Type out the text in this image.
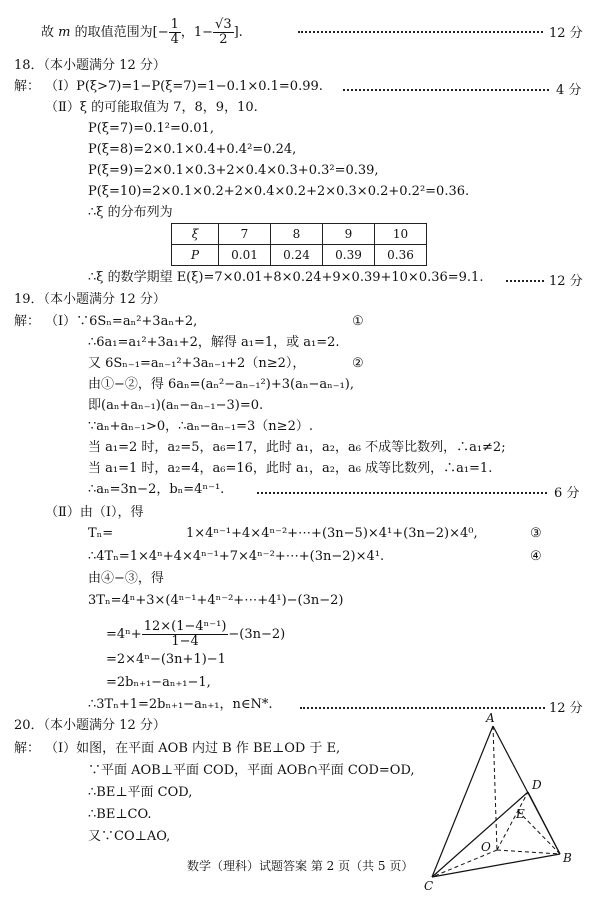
故 m 的取值范围为[− $\frac{1}{4}$ ，$1- \frac{√3}{2}$ ].	12 分
18．（本小题满分 12 分）
解： （Ⅰ）P(ξ>7)=1−P(ξ=7)=1−0.1×0.1=0.99.	4 分
（Ⅱ）ξ 的可能取值为 7，8，9，10.
P(ξ=7)=0.1²=0.01,
P(ξ=8)=2×0.1×0.4+0.4²=0.24,
P(ξ=9)=2×0.1×0.3+2×0.4×0.3+0.3²=0.39,
P(ξ=10)=2×0.1×0.2+2×0.4×0.2+2×0.3×0.2+0.2²=0.36.
∴ξ 的分布列为
ξ	7	8	9	10
P	0.01	0.24	0.39	0.36
∴ξ 的数学期望 E(ξ)=7×0.01+8×0.24+9×0.39+10×0.36=9.1.	12 分
19．（本小题满分 12 分）
解： （Ⅰ）∵6Sₙ=aₙ²+3aₙ+2,	①
∴6a₁=a₁²+3a₁+2，解得 a₁=1，或 a₁=2.
又 6Sₙ₋₁=aₙ₋₁²+3aₙ₋₁+2（n≥2），	②
由①−②，得 6aₙ=(aₙ²−aₙ₋₁²)+3(aₙ−aₙ₋₁),
即(aₙ+aₙ₋₁)(aₙ−aₙ₋₁−3)=0.
∵aₙ+aₙ₋₁>0，∴aₙ−aₙ₋₁=3（n≥2）.
当 a₁=2 时，a₂=5，a₆=17，此时 a₁，a₂，a₆ 不成等比数列，∴a₁≠2;
当 a₁=1 时，a₂=4，a₆=16，此时 a₁，a₂，a₆ 成等比数列，∴a₁=1.
∴aₙ=3n−2，bₙ=4ⁿ⁻¹.	6 分
（Ⅱ）由（Ⅰ），得
Tₙ=	1×4ⁿ⁻¹+4×4ⁿ⁻²+⋯+(3n−5)×4¹+(3n−2)×4⁰,	③
∴4Tₙ=1×4ⁿ+4×4ⁿ⁻¹+7×4ⁿ⁻²+⋯+(3n−2)×4¹.	④
由④−③，得
3Tₙ=4ⁿ+3×(4ⁿ⁻¹+4ⁿ⁻²+⋯+4¹)−(3n−2)
$=4^n+ \frac{\text{12×(1−4ⁿ⁻¹)}}{1-4} -(3n-2)$
=2×4ⁿ−(3n+1)−1
=2bₙ₊₁−aₙ₊₁−1,
∴3Tₙ+1=2bₙ₊₁−aₙ₊₁，n∈N*.	12 分
20．（本小题满分 12 分）
解： （Ⅰ）如图，在平面 AOB 内过 B 作 BE⊥OD 于 E,
∵平面 AOB⊥平面 COD，平面 AOB∩平面 COD=OD,
∴BE⊥平面 COD,
∴BE⊥CO.
又∵CO⊥AO,
A
D
E
O
B
C
数学（理科）试题答案 第 2 页（共 5 页）
